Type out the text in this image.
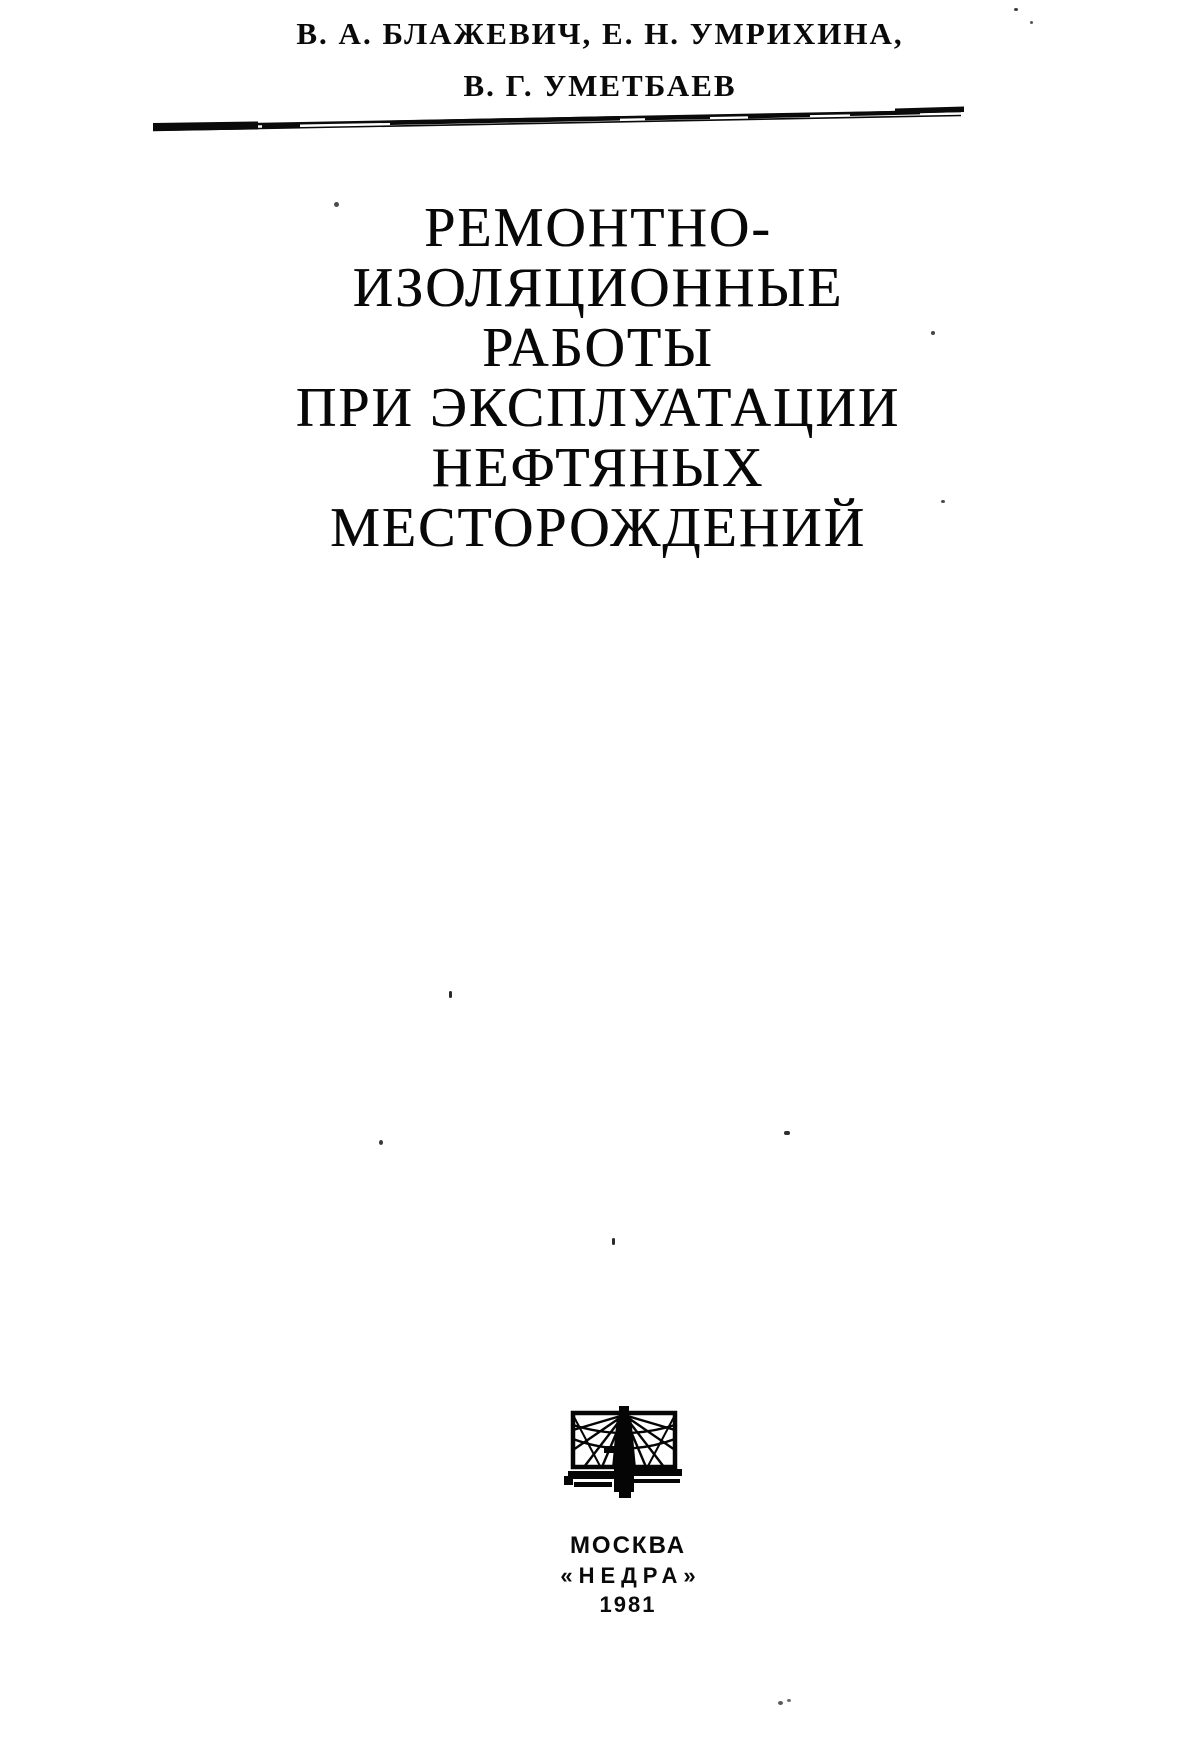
В. А. БЛАЖЕВИЧ, Е. Н. УМРИХИНА,
В. Г. УМЕТБАЕВ
РЕМОНТНО-
ИЗОЛЯЦИОННЫЕ
РАБОТЫ
ПРИ ЭКСПЛУАТАЦИИ
НЕФТЯНЫХ
МЕСТОРОЖДЕНИЙ
МОСКВА
«НЕДРА»
1981
